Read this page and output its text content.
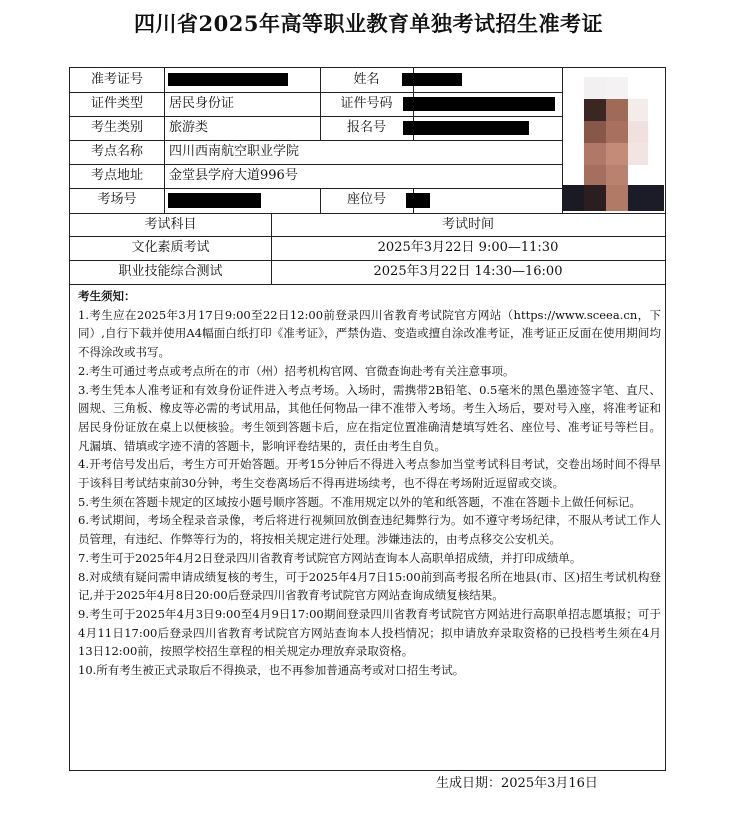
四川省2025年高等职业教育单独考试招生准考证
准考证号	姓名
证件类型	居民身份证	证件号码
考生类别	旅游类	报名号
考点名称	四川西南航空职业学院
考点地址	金堂县学府大道996号
考场号	座位号
考试科目	考试时间
文化素质考试	2025年3月22日 9:00—11:30
职业技能综合测试	2025年3月22日 14:30—16:00

考生须知：

1.考生应在2025年3月17日9:00至22日12:00前登录四川省教育考试院官方网站（https://www.sceea.cn，下同）,自行下载并使用A4幅面白纸打印《准考证》，严禁伪造、变造或擅自涂改准考证，准考证正反面在使用期间均不得涂改或书写。

2.考生可通过考点或考点所在的市（州）招考机构官网、官微查询赴考有关注意事项。

3.考生凭本人准考证和有效身份证件进入考点考场。入场时，需携带2B铅笔、0.5毫米的黑色墨迹签字笔、直尺、圆规、三角板、橡皮等必需的考试用品，其他任何物品一律不准带入考场。考生入场后，要对号入座，将准考证和居民身份证放在桌上以便核验。考生领到答题卡后，应在指定位置准确清楚填写姓名、座位号、准考证号等栏目。凡漏填、错填或字迹不清的答题卡，影响评卷结果的，责任由考生自负。

4.开考信号发出后，考生方可开始答题。开考15分钟后不得进入考点参加当堂考试科目考试，交卷出场时间不得早于该科目考试结束前30分钟，考生交卷离场后不得再进场续考，也不得在考场附近逗留或交谈。

5.考生须在答题卡规定的区域按小题号顺序答题。不准用规定以外的笔和纸答题，不准在答题卡上做任何标记。

6.考试期间，考场全程录音录像，考后将进行视频回放倒查违纪舞弊行为。如不遵守考场纪律，不服从考试工作人员管理，有违纪、作弊等行为的，将按相关规定进行处理。涉嫌违法的，由考点移交公安机关。

7.考生可于2025年4月2日登录四川省教育考试院官方网站查询本人高职单招成绩，并打印成绩单。

8.对成绩有疑问需申请成绩复核的考生，可于2025年4月7日15:00前到高考报名所在地县(市、区)招生考试机构登记,并于2025年4月8日20:00后登录四川省教育考试院官方网站查询成绩复核结果。

9.考生可于2025年4月3日9:00至4月9日17:00期间登录四川省教育考试院官方网站进行高职单招志愿填报；可于4月11日17:00后登录四川省教育考试院官方网站查询本人投档情况；拟申请放弃录取资格的已投档考生须在4月13日12:00前，按照学校招生章程的相关规定办理放弃录取资格。

10.所有考生被正式录取后不得换录，也不再参加普通高考或对口招生考试。

生成日期：2025年3月16日
